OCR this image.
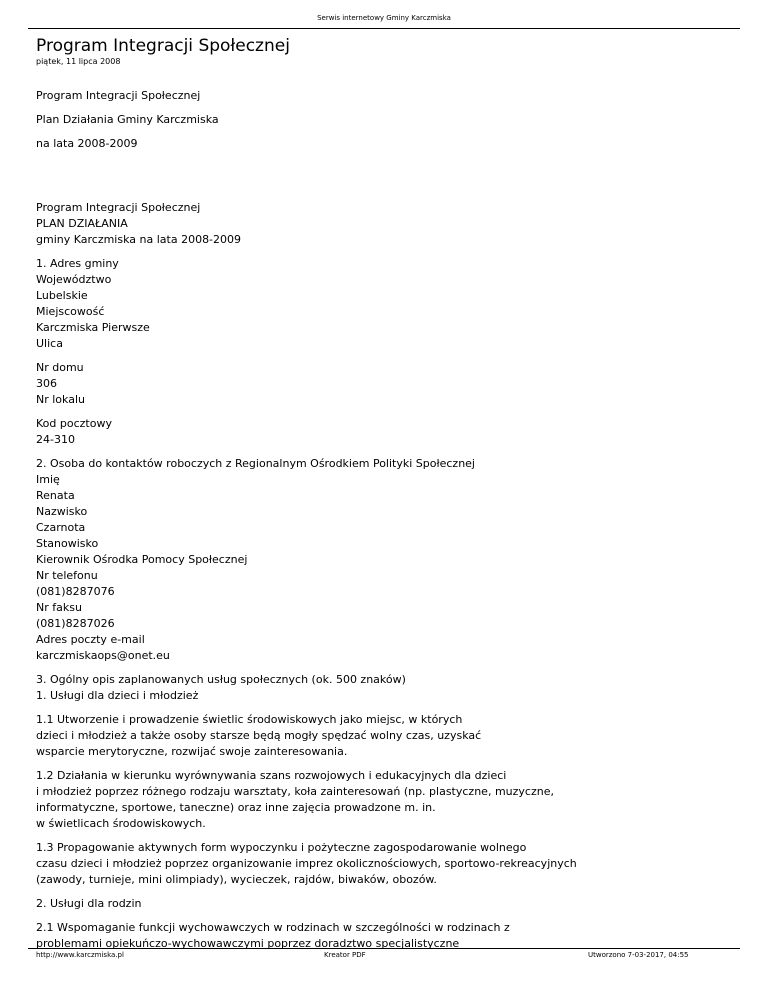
Serwis internetowy Gminy Karczmiska
Program Integracji Społecznej
piątek, 11 lipca 2008

Program Integracji Społecznej

Plan Działania Gminy Karczmiska

na lata 2008-2009

Program Integracji Społecznej

PLAN DZIAŁANIA

gminy Karczmiska na lata 2008-2009

1. Adres gminy

Województwo

Lubelskie

Miejscowość

Karczmiska Pierwsze

Ulica

Nr domu

306

Nr lokalu

Kod pocztowy

24-310

2. Osoba do kontaktów roboczych z Regionalnym Ośrodkiem Polityki Społecznej

Imię

Renata

Nazwisko

Czarnota

Stanowisko

Kierownik Ośrodka Pomocy Społecznej

Nr telefonu

(081)8287076

Nr faksu

(081)8287026

Adres poczty e-mail

karczmiskaops@onet.eu

3. Ogólny opis zaplanowanych usług społecznych (ok. 500 znaków)

1. Usługi dla dzieci i młodzież

1.1 Utworzenie i prowadzenie świetlic środowiskowych jako miejsc, w których

dzieci i młodzież a także osoby starsze będą mogły spędzać wolny czas, uzyskać

wsparcie merytoryczne, rozwijać swoje zainteresowania.

1.2 Działania w kierunku wyrównywania szans rozwojowych i edukacyjnych dla dzieci

i młodzież poprzez różnego rodzaju warsztaty, koła zainteresowań (np. plastyczne, muzyczne,

informatyczne, sportowe, taneczne) oraz inne zajęcia prowadzone m. in.

w świetlicach środowiskowych.

1.3 Propagowanie aktywnych form wypoczynku i pożyteczne zagospodarowanie wolnego

czasu dzieci i młodzież poprzez organizowanie imprez okolicznościowych, sportowo-rekreacyjnych

(zawody, turnieje, mini olimpiady), wycieczek, rajdów, biwaków, obozów.

2. Usługi dla rodzin

2.1 Wspomaganie funkcji wychowawczych w rodzinach w szczególności w rodzinach z

problemami opiekuńczo-wychowawczymi poprzez doradztwo specjalistyczne

http://www.karczmiska.pl	Kreator PDF	Utworzono 7-03-2017, 04:55
